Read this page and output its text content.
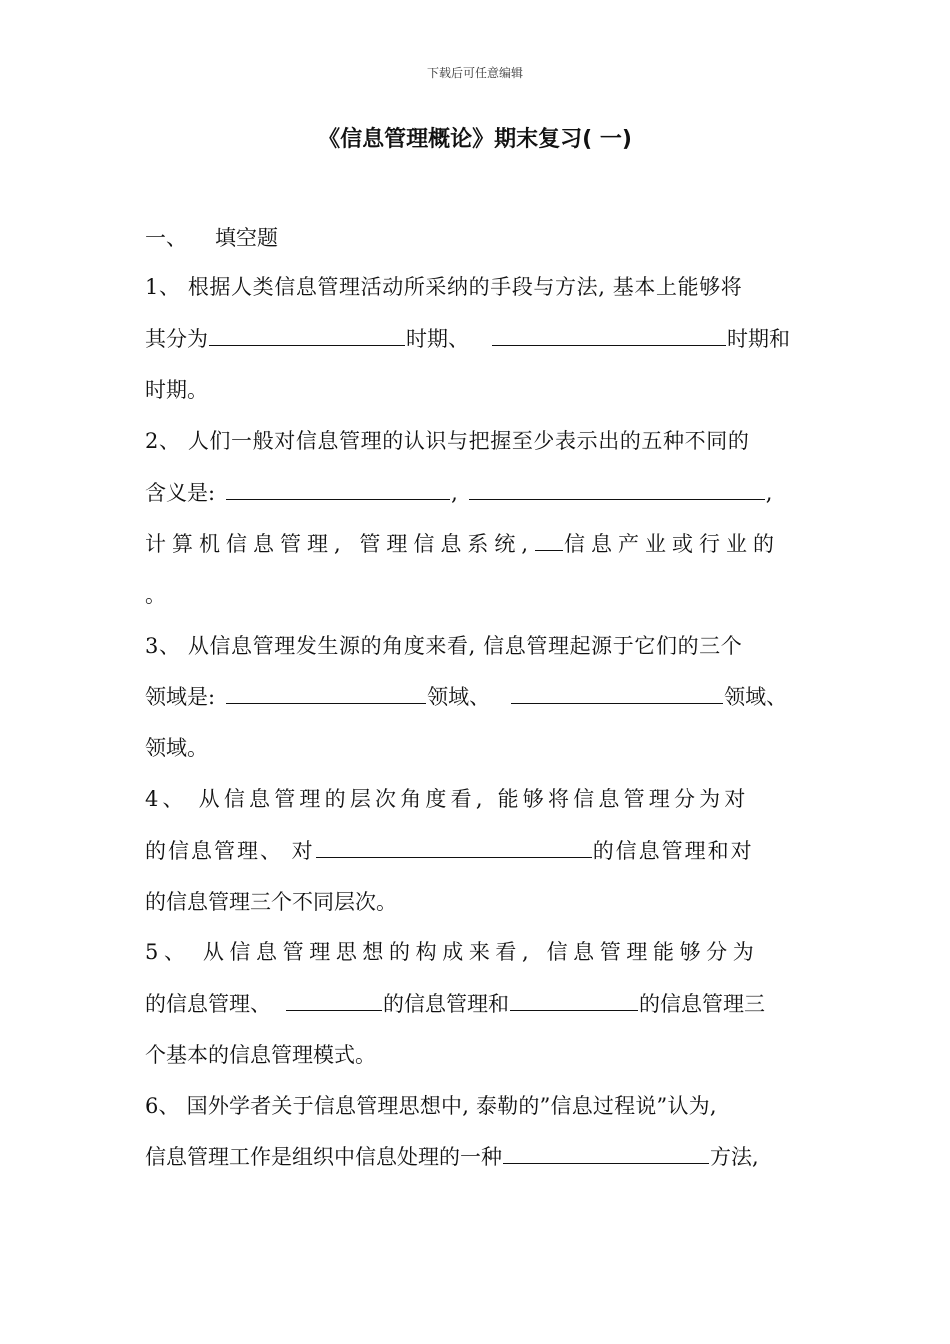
下载后可任意编辑
《信息管理概论》期末复习( 一)
一、 填空题
1、 根据人类信息管理活动所采纳的手段与方法, 基本上能够将
其分为	时期、	时期和
时期。
2、 人们一般对信息管理的认识与把握至少表示出的五种不同的
含义是:	,	,
计算机信息管理, 管理信息系统, 信息产业或行业的
。
3、 从信息管理发生源的角度来看, 信息管理起源于它们的三个
领域是:	领域、	领域、
领域。
4、 从信息管理的层次角度看, 能够将信息管理分为对
的信息管理、 对	的信息管理和对
的信息管理三个不同层次。
5、 从信息管理思想的构成来看, 信息管理能够分为
的信息管理、	的信息管理和	的信息管理三
个基本的信息管理模式。
6、 国外学者关于信息管理思想中, 泰勒的”信息过程说”认为,
信息管理工作是组织中信息处理的一种	方法,
